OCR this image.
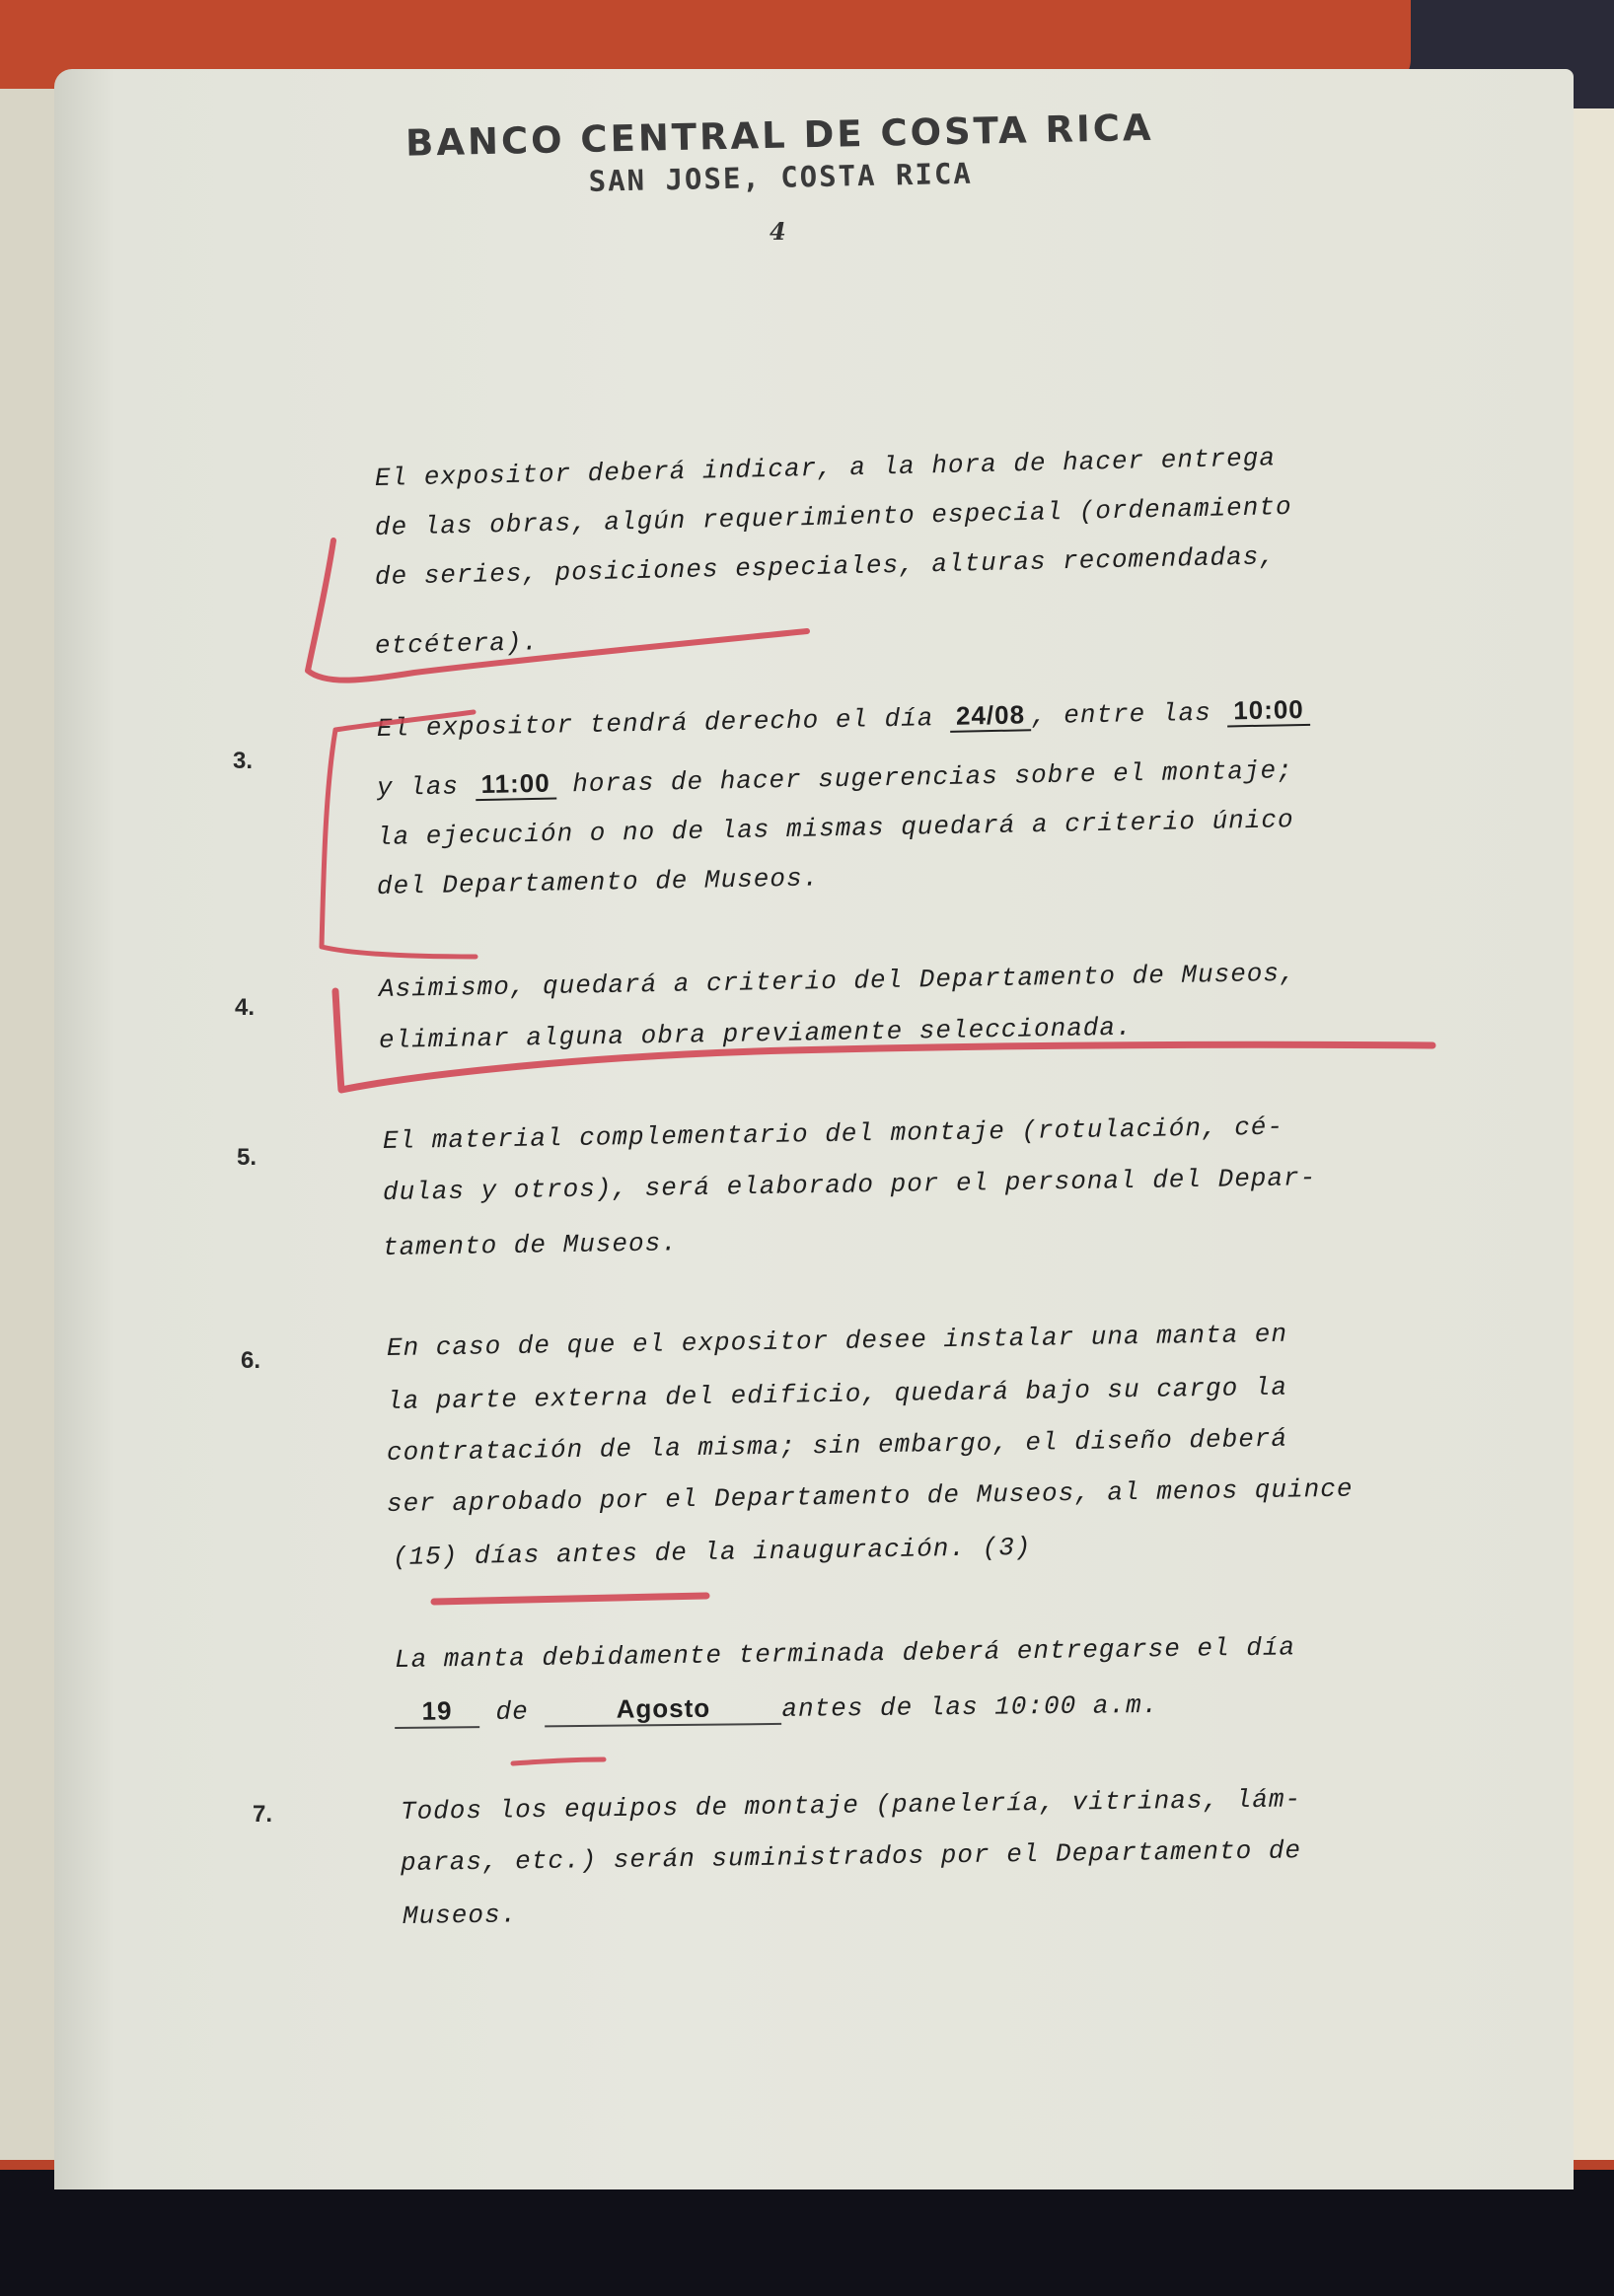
BANCO CENTRAL DE COSTA RICA
SAN JOSE, COSTA RICA
4
El expositor deberá indicar, a la hora de hacer entrega
de las obras, algún requerimiento especial (ordenamiento
de series, posiciones especiales, alturas recomendadas,
etcétera).
3.
El expositor tendrá derecho el día 24/08 , entre las 10:00
y las 11:00 horas de hacer sugerencias sobre el montaje;
la ejecución o no de las mismas quedará a criterio único
del Departamento de Museos.
4.
Asimismo, quedará a criterio del Departamento de Museos,
eliminar alguna obra previamente seleccionada.
5.
El material complementario del montaje (rotulación, cé-
dulas y otros), será elaborado por el personal del Depar-
tamento de Museos.
6.	En caso de que el expositor desee instalar una manta en
la parte externa del edificio, quedará bajo su cargo la
contratación de la misma; sin embargo, el diseño deberá
ser aprobado por el Departamento de Museos, al menos quince
(15) días antes de la inauguración. (3)
La manta debidamente terminada deberá entregarse el día
19 de	Agosto	antes de las 10:00 a.m.
7.	Todos los equipos de montaje (panelería, vitrinas, lám-
paras, etc.) serán suministrados por el Departamento de
Museos.
